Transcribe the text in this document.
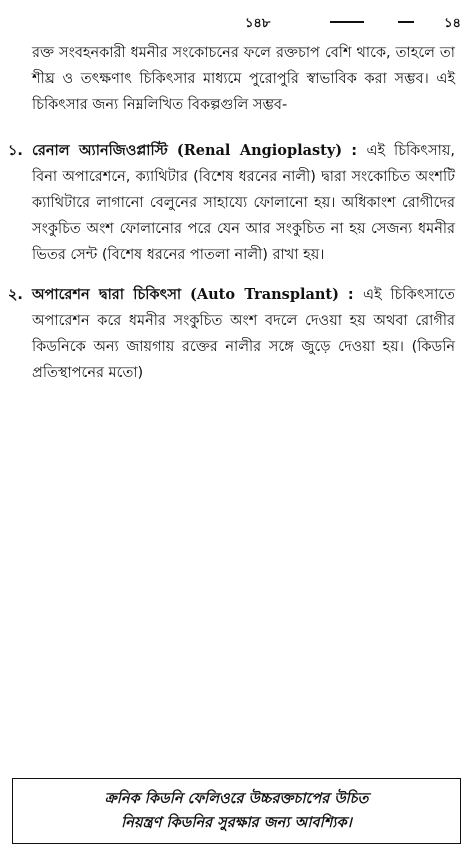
১৪৮	১৪

রক্ত সংবহনকারী ধমনীর সংকোচনের ফলে রক্তচাপ বেশি থাকে, তাহলে তা শীঘ্র ও তৎক্ষণাৎ চিকিৎসার মাধ্যমে পুরোপুরি স্বাভাবিক করা সম্ভব। এই চিকিৎসার জন্য নিম্নলিখিত বিকল্পগুলি সম্ভব-

১. রেনাল অ্যানজিওপ্লাস্টি (Renal Angioplasty) : এই চিকিৎসায়, বিনা অপারেশনে, ক্যাথিটার (বিশেষ ধরনের নালী) দ্বারা সংকোচিত অংশটি ক্যাথিটারে লাগানো বেলুনের সাহায্যে ফোলানো হয়। অধিকাংশ রোগীদের সংকুচিত অংশ ফোলানোর পরে যেন আর সংকুচিত না হয় সেজন্য ধমনীর ভিতর সেন্ট (বিশেষ ধরনের পাতলা নালী) রাখা হয়।
২. অপারেশন দ্বারা চিকিৎসা (Auto Transplant) : এই চিকিৎসাতে অপারেশন করে ধমনীর সংকুচিত অংশ বদলে দেওয়া হয় অথবা রোগীর কিডনিকে অন্য জায়গায় রক্তের নালীর সঙ্গে জুড়ে দেওয়া হয়। (কিডনি প্রতিস্থাপনের মতো)
ক্রনিক কিডনি ফেলিওরে উচ্চরক্তচাপের উচিত
নিয়ন্ত্রণ কিডনির সুরক্ষার জন্য আবশ্যিক।
